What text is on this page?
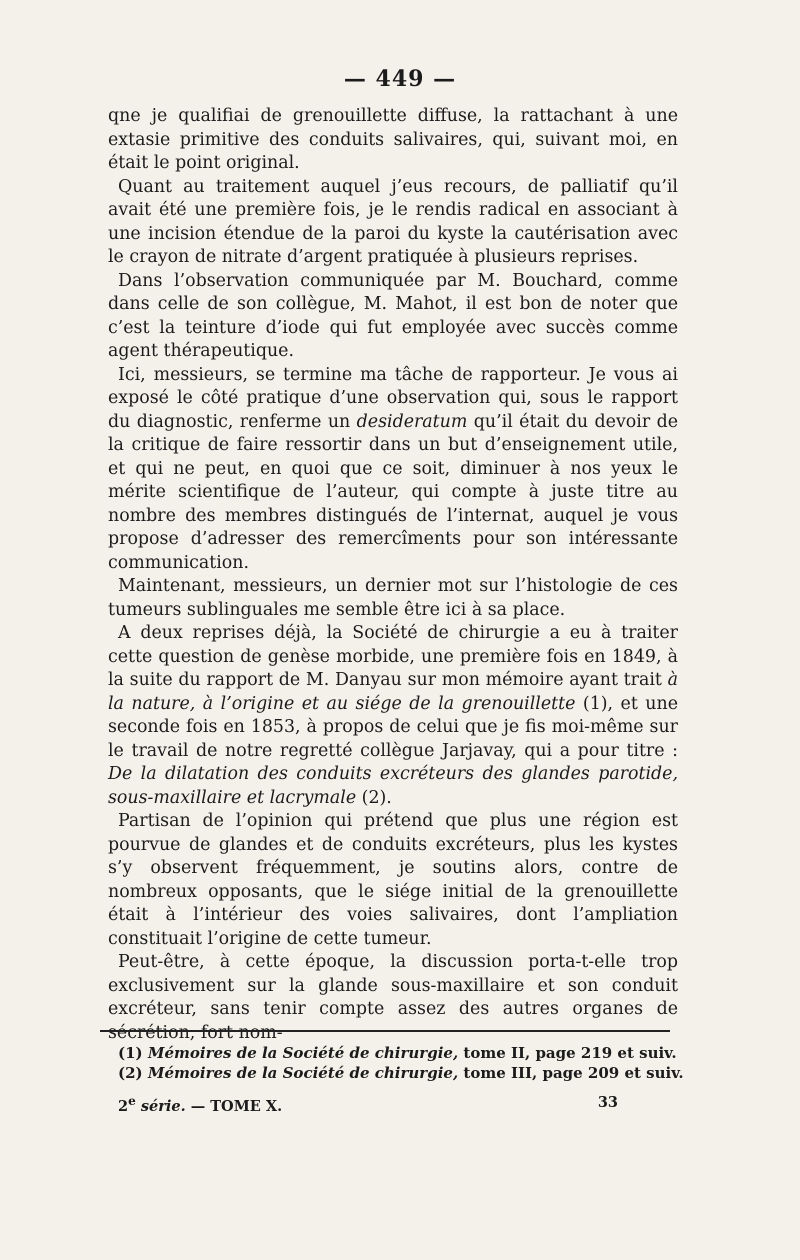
— 449 —

qne je qualifiai de grenouillette diffuse, la rattachant à une extasie primitive des conduits salivaires, qui, suivant moi, en était le point original.

Quant au traitement auquel j’eus recours, de palliatif qu’il avait été une première fois, je le rendis radical en associant à une incision étendue de la paroi du kyste la cautérisation avec le crayon de nitrate d’argent pratiquée à plusieurs reprises.

Dans l’observation communiquée par M. Bouchard, comme dans celle de son collègue, M. Mahot, il est bon de noter que c’est la teinture d’iode qui fut employée avec succès comme agent thérapeutique.

Ici, messieurs, se termine ma tâche de rapporteur. Je vous ai exposé le côté pratique d’une observation qui, sous le rapport du diagnostic, renferme un desideratum qu’il était du devoir de la critique de faire ressortir dans un but d’enseignement utile, et qui ne peut, en quoi que ce soit, diminuer à nos yeux le mérite scientifique de l’auteur, qui compte à juste titre au nombre des membres distingués de l’internat, auquel je vous propose d’adresser des remercîments pour son intéressante communication.

Maintenant, messieurs, un dernier mot sur l’histologie de ces tumeurs sublinguales me semble être ici à sa place.

A deux reprises déjà, la Société de chirurgie a eu à traiter cette question de genèse morbide, une première fois en 1849, à la suite du rapport de M. Danyau sur mon mémoire ayant trait à la nature, à l’origine et au siége de la grenouillette (1), et une seconde fois en 1853, à propos de celui que je fis moi-même sur le travail de notre regretté collègue Jarjavay, qui a pour titre : De la dilatation des conduits excréteurs des glandes parotide, sous-maxillaire et lacrymale (2).

Partisan de l’opinion qui prétend que plus une région est pourvue de glandes et de conduits excréteurs, plus les kystes s’y observent fréquemment, je soutins alors, contre de nombreux opposants, que le siége initial de la grenouillette était à l’intérieur des voies salivaires, dont l’ampliation constituait l’origine de cette tumeur.

Peut-être, à cette époque, la discussion porta-t-elle trop exclusivement sur la glande sous-maxillaire et son conduit excréteur, sans tenir compte assez des autres organes de sécrétion, fort nom-

(1) Mémoires de la Société de chirurgie, tome II, page 219 et suiv.
(2) Mémoires de la Société de chirurgie, tome III, page 209 et suiv.
2e série. — TOME X.	33
